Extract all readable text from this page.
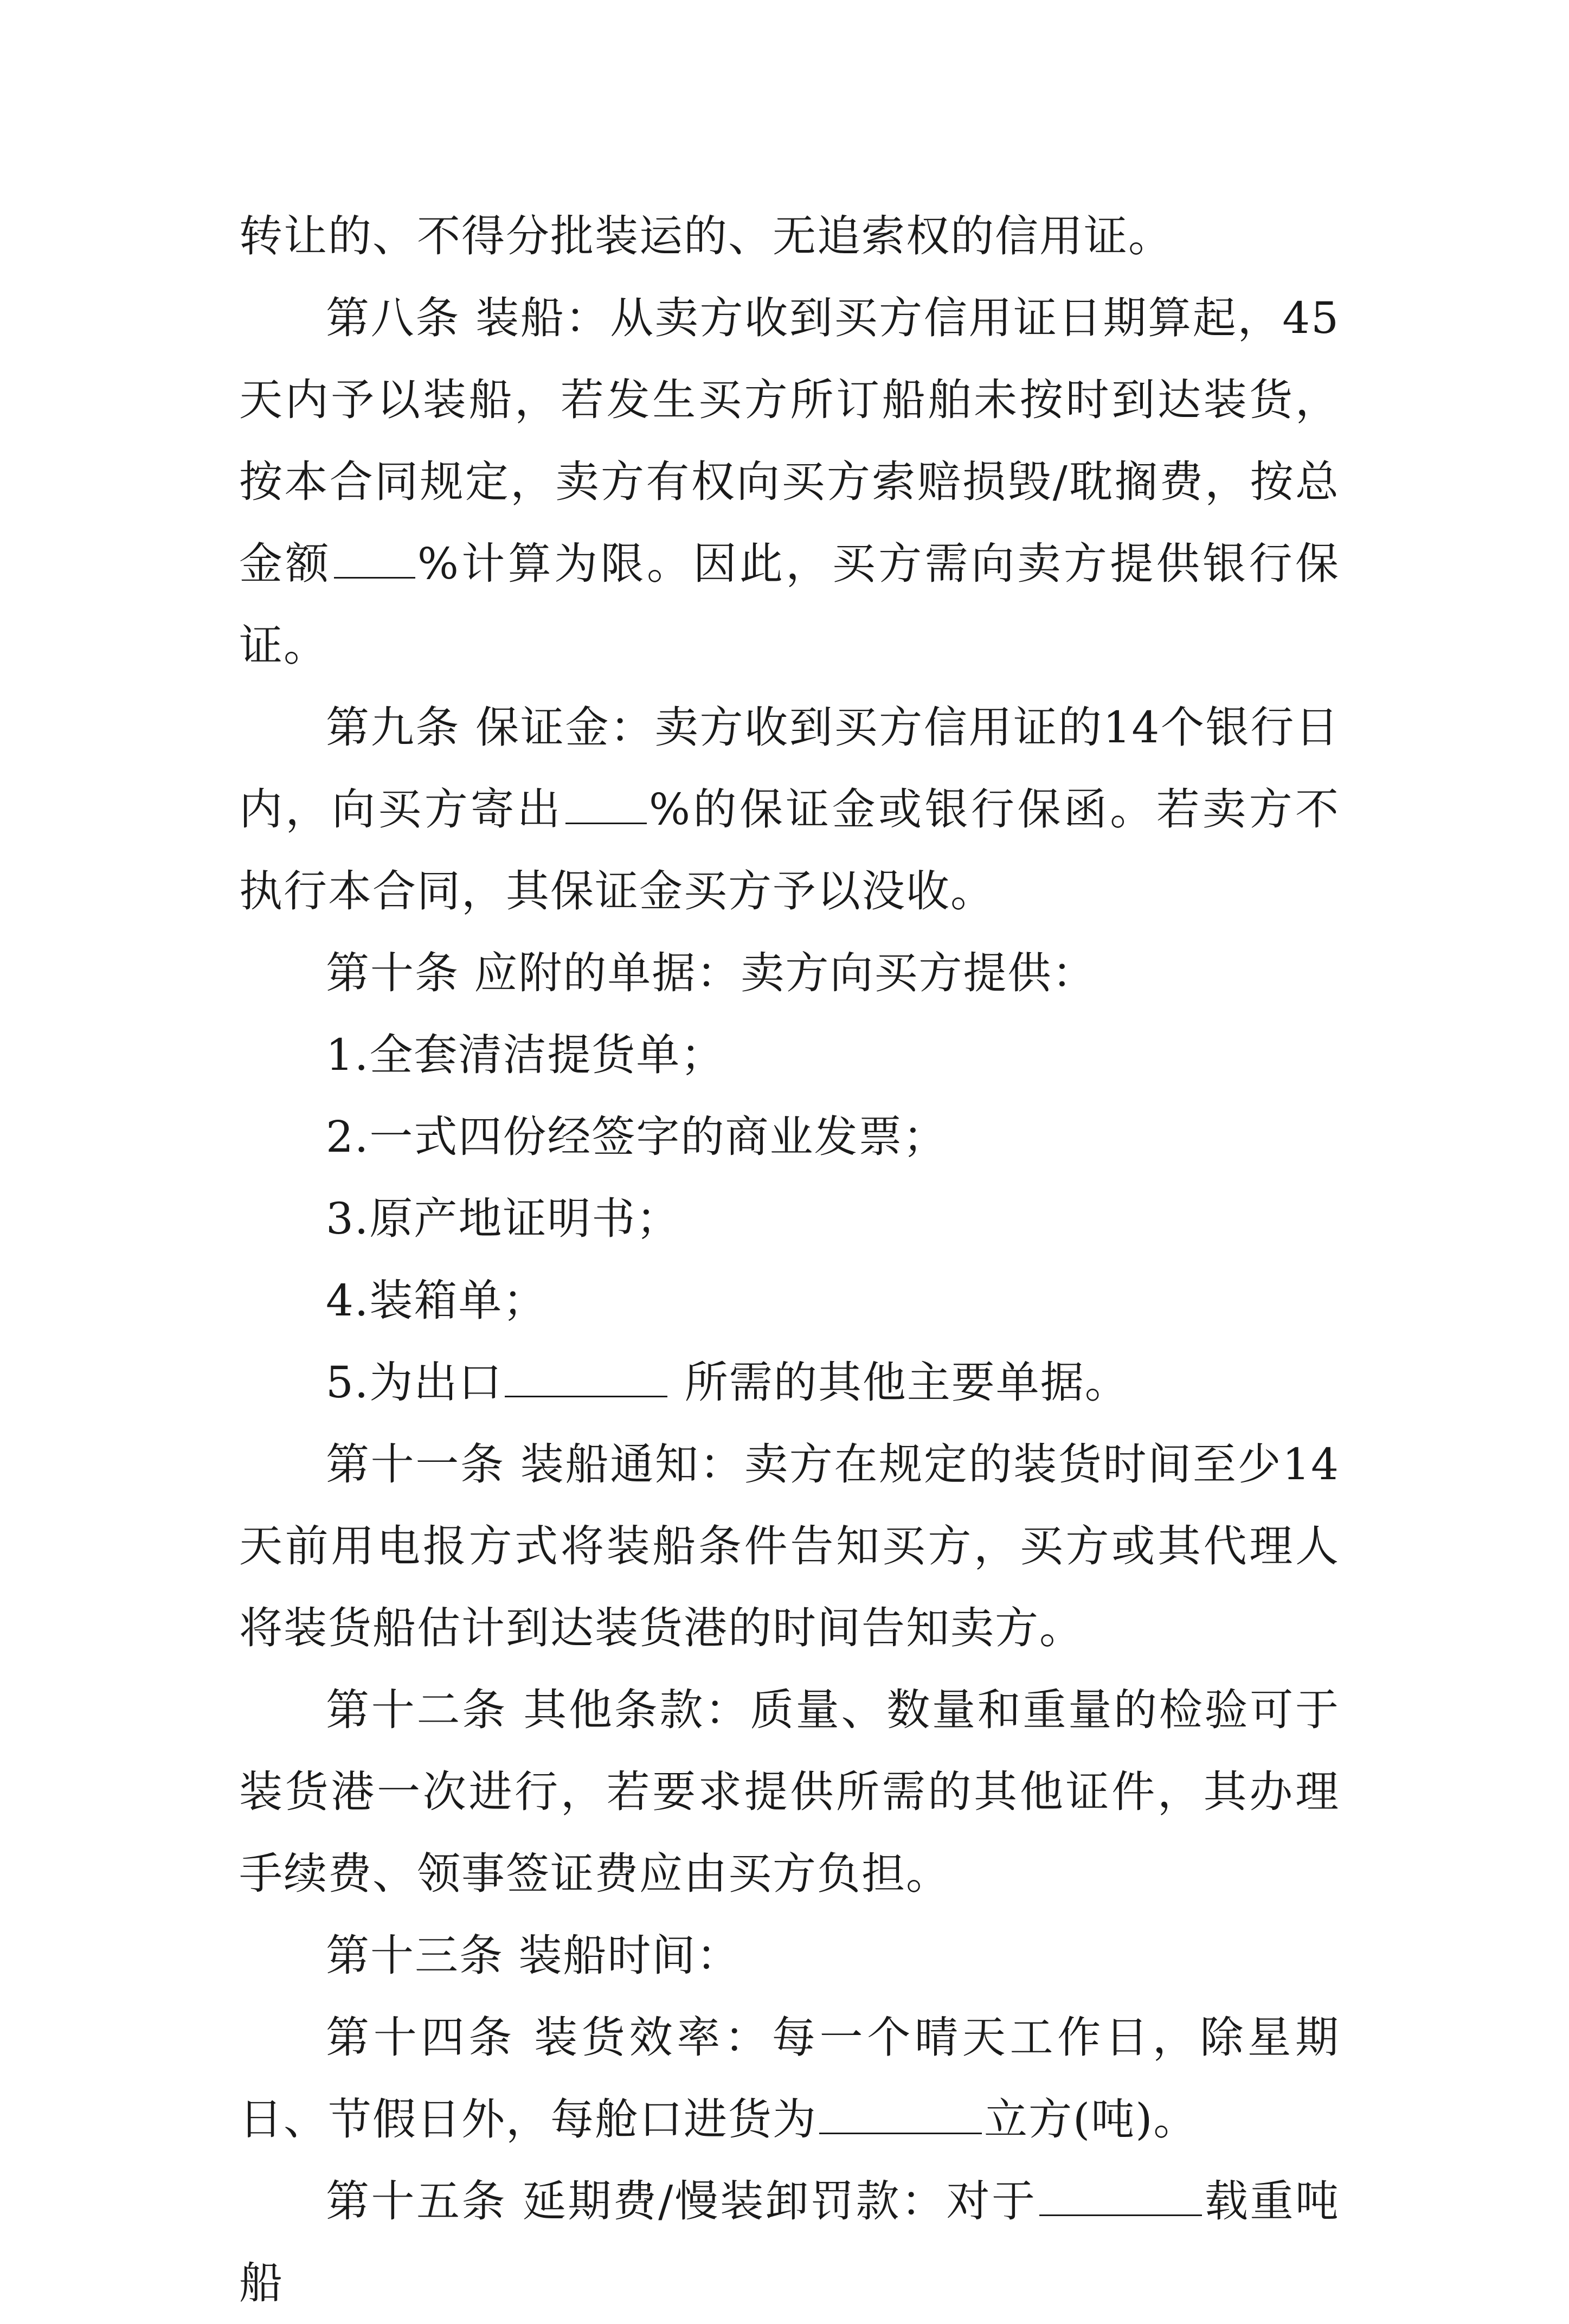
转让的、不得分批装运的、无追索权的信用证。

第八条 装船：从卖方收到买方信用证日期算起，45天内予以装船，若发生买方所订船舶未按时到达装货，按本合同规定，卖方有权向买方索赔损毁/耽搁费，按总金额 %计算为限。因此，买方需向卖方提供银行保证。

第九条 保证金：卖方收到买方信用证的14个银行日内，向买方寄出 %的保证金或银行保函。若卖方不执行本合同，其保证金买方予以没收。

第十条 应附的单据：卖方向买方提供：

1.全套清洁提货单；

2.一式四份经签字的商业发票；

3.原产地证明书；

4.装箱单；

5.为出口	所需的其他主要单据。

第十一条 装船通知：卖方在规定的装货时间至少14天前用电报方式将装船条件告知买方，买方或其代理人将装货船估计到达装货港的时间告知卖方。

第十二条 其他条款：质量、数量和重量的检验可于装货港一次进行，若要求提供所需的其他证件，其办理手续费、领事签证费应由买方负担。

第十三条 装船时间：

第十四条 装货效率：每一个晴天工作日，除星期日、节假日外，每舱口进货为	立方(吨)。

第十五条 延期费/慢装卸罚款：对于	载重吨船
